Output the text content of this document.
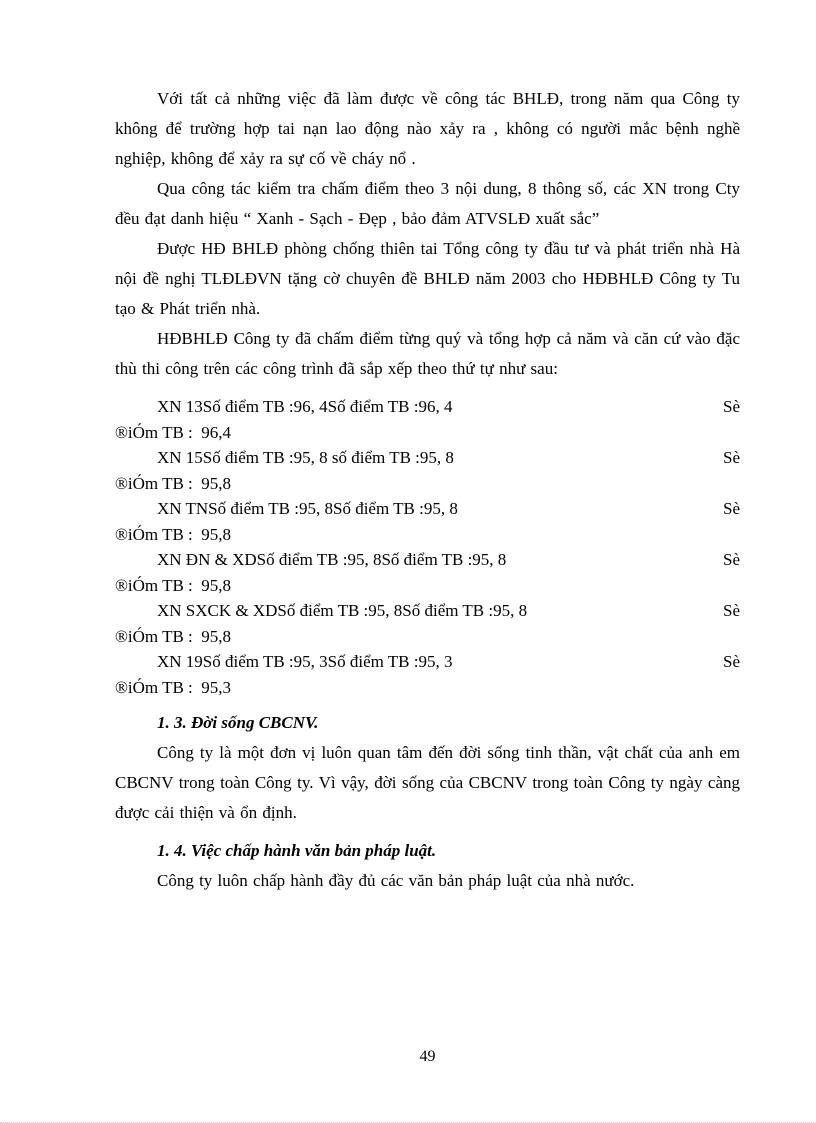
Với tất cả những việc đã làm được về công tác BHLĐ, trong năm qua Công ty không để trường hợp tai nạn lao động nào xảy ra , không có người mắc bệnh nghề nghiệp, không để xảy ra sự cố về cháy nổ .

Qua công tác kiểm tra chấm điểm theo 3 nội dung, 8 thông số, các XN trong Cty đều đạt danh hiệu “ Xanh - Sạch - Đẹp , bảo đảm ATVSLĐ xuất sắc”

Được HĐ BHLĐ phòng chống thiên tai Tổng công ty đầu tư và phát triển nhà Hà nội đề nghị TLĐLĐVN tặng cờ chuyên đề BHLĐ năm 2003 cho HĐBHLĐ Công ty Tu tạo & Phát triển nhà.

HĐBHLĐ Công ty đã chấm điểm từng quý và tổng hợp cả năm và căn cứ vào đặc thù thi công trên các công trình đã sắp xếp theo thứ tự như sau:

XN 13Số điểm TB :96, 4Số điểm TB :96, 4	Sè
®iÓm TB :  96,4
XN 15Số điểm TB :95, 8 số điểm TB :95, 8	Sè
®iÓm TB :  95,8
XN TNSố điểm TB :95, 8Số điểm TB :95, 8	Sè
®iÓm TB :  95,8
XN ĐN & XDSố điểm TB :95, 8Số điểm TB :95, 8	Sè
®iÓm TB :  95,8
XN SXCK & XDSố điểm TB :95, 8Số điểm TB :95, 8	Sè
®iÓm TB :  95,8
XN 19Số điểm TB :95, 3Số điểm TB :95, 3	Sè
®iÓm TB :  95,3
1. 3. Đời sống CBCNV.

Công ty là một đơn vị luôn quan tâm đến đời sống tinh thần, vật chất của anh em CBCNV trong toàn Công ty. Vì vậy, đời sống của CBCNV trong toàn Công ty ngày càng được cải thiện và ổn định.

1. 4. Việc chấp hành văn bản pháp luật.

Công ty luôn chấp hành đầy đủ các văn bản pháp luật của nhà nước.

49
